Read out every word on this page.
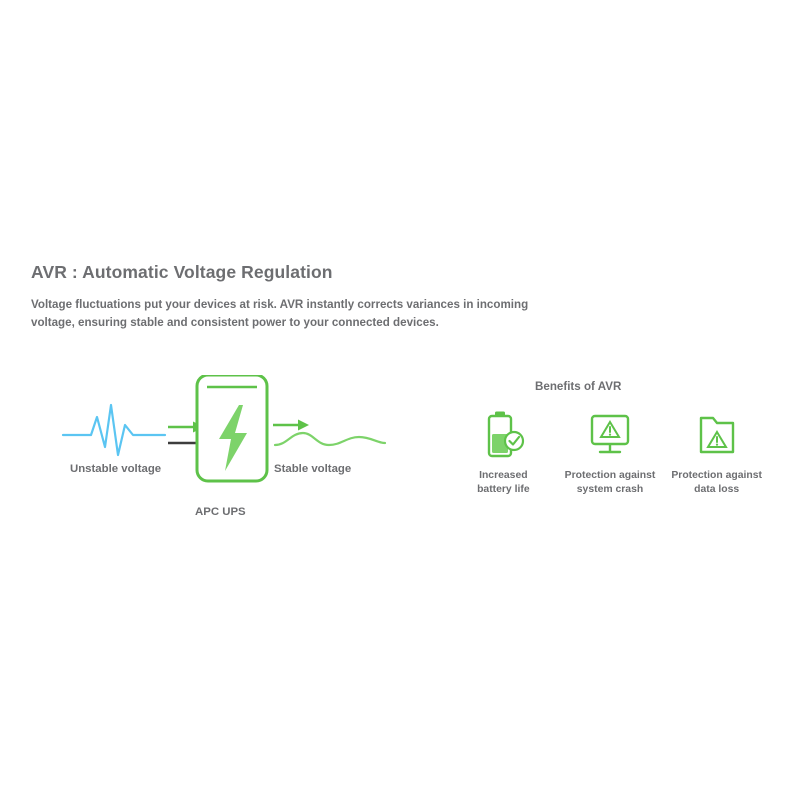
AVR : Automatic Voltage Regulation

Voltage fluctuations put your devices at risk. AVR instantly corrects variances in incoming voltage, ensuring stable and consistent power to your connected devices.

Unstable voltage	Stable voltage
APC UPS
Benefits of AVR
Increased
battery life
Protection against
system crash
Protection against
data loss
